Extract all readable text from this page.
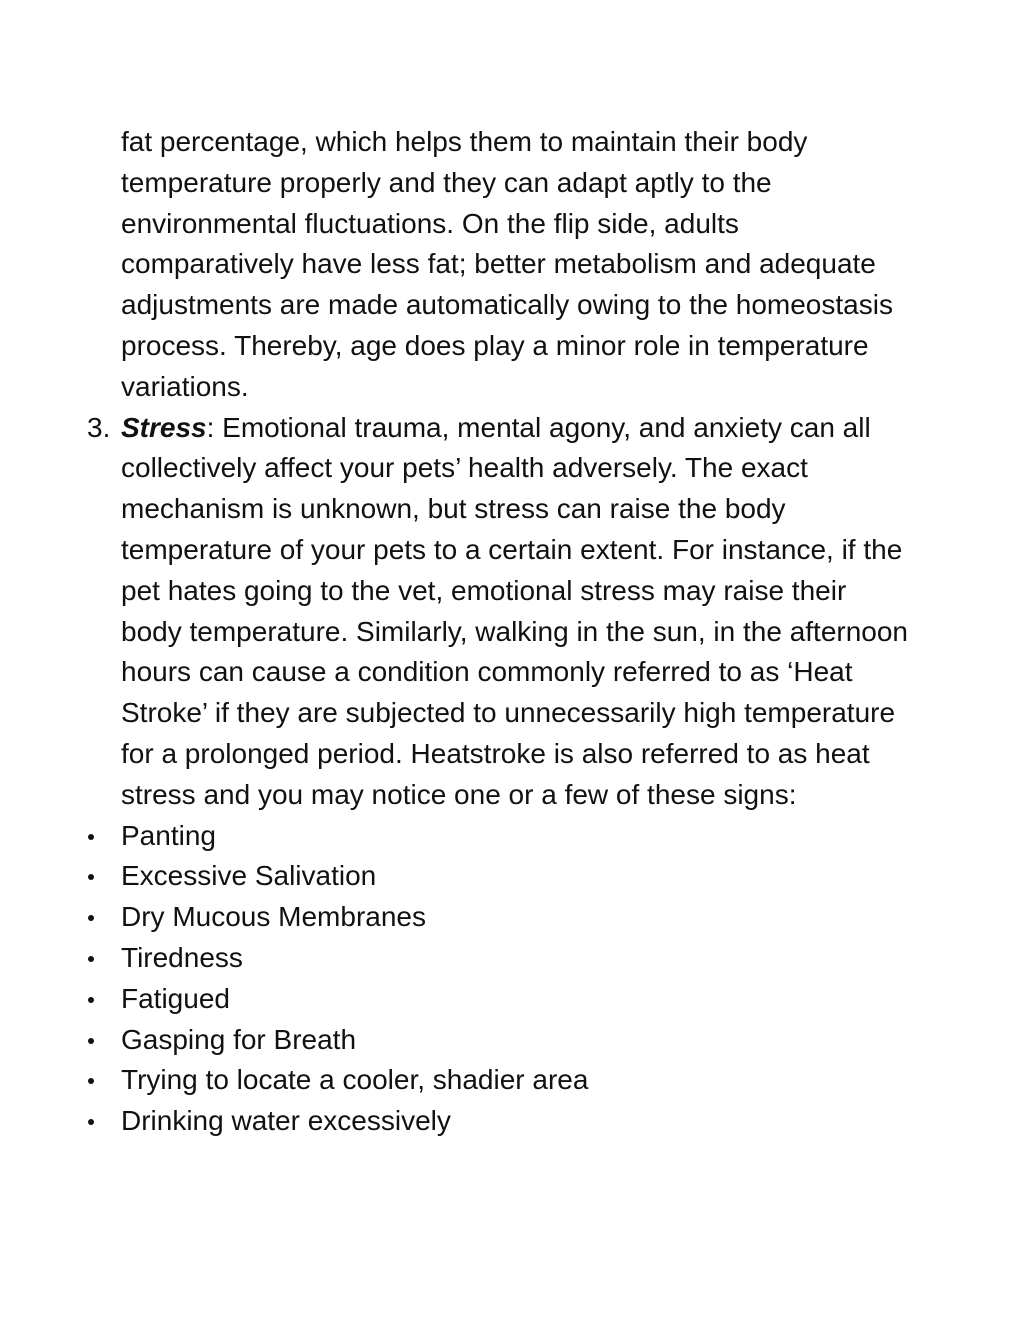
fat percentage, which helps them to maintain their body temperature properly and they can adapt aptly to the environmental fluctuations. On the flip side, adults comparatively have less fat; better metabolism and adequate adjustments are made automatically owing to the homeostasis process. Thereby, age does play a minor role in temperature variations.

3. Stress: Emotional trauma, mental agony, and anxiety can all collectively affect your pets’ health adversely. The exact mechanism is unknown, but stress can raise the body temperature of your pets to a certain extent. For instance, if the pet hates going to the vet, emotional stress may raise their body temperature. Similarly, walking in the sun, in the afternoon hours can cause a condition commonly referred to as ‘Heat Stroke’ if they are subjected to unnecessarily high temperature for a prolonged period. Heatstroke is also referred to as heat stress and you may notice one or a few of these signs:

Panting
Excessive Salivation
Dry Mucous Membranes
Tiredness
Fatigued
Gasping for Breath
Trying to locate a cooler, shadier area
Drinking water excessively
